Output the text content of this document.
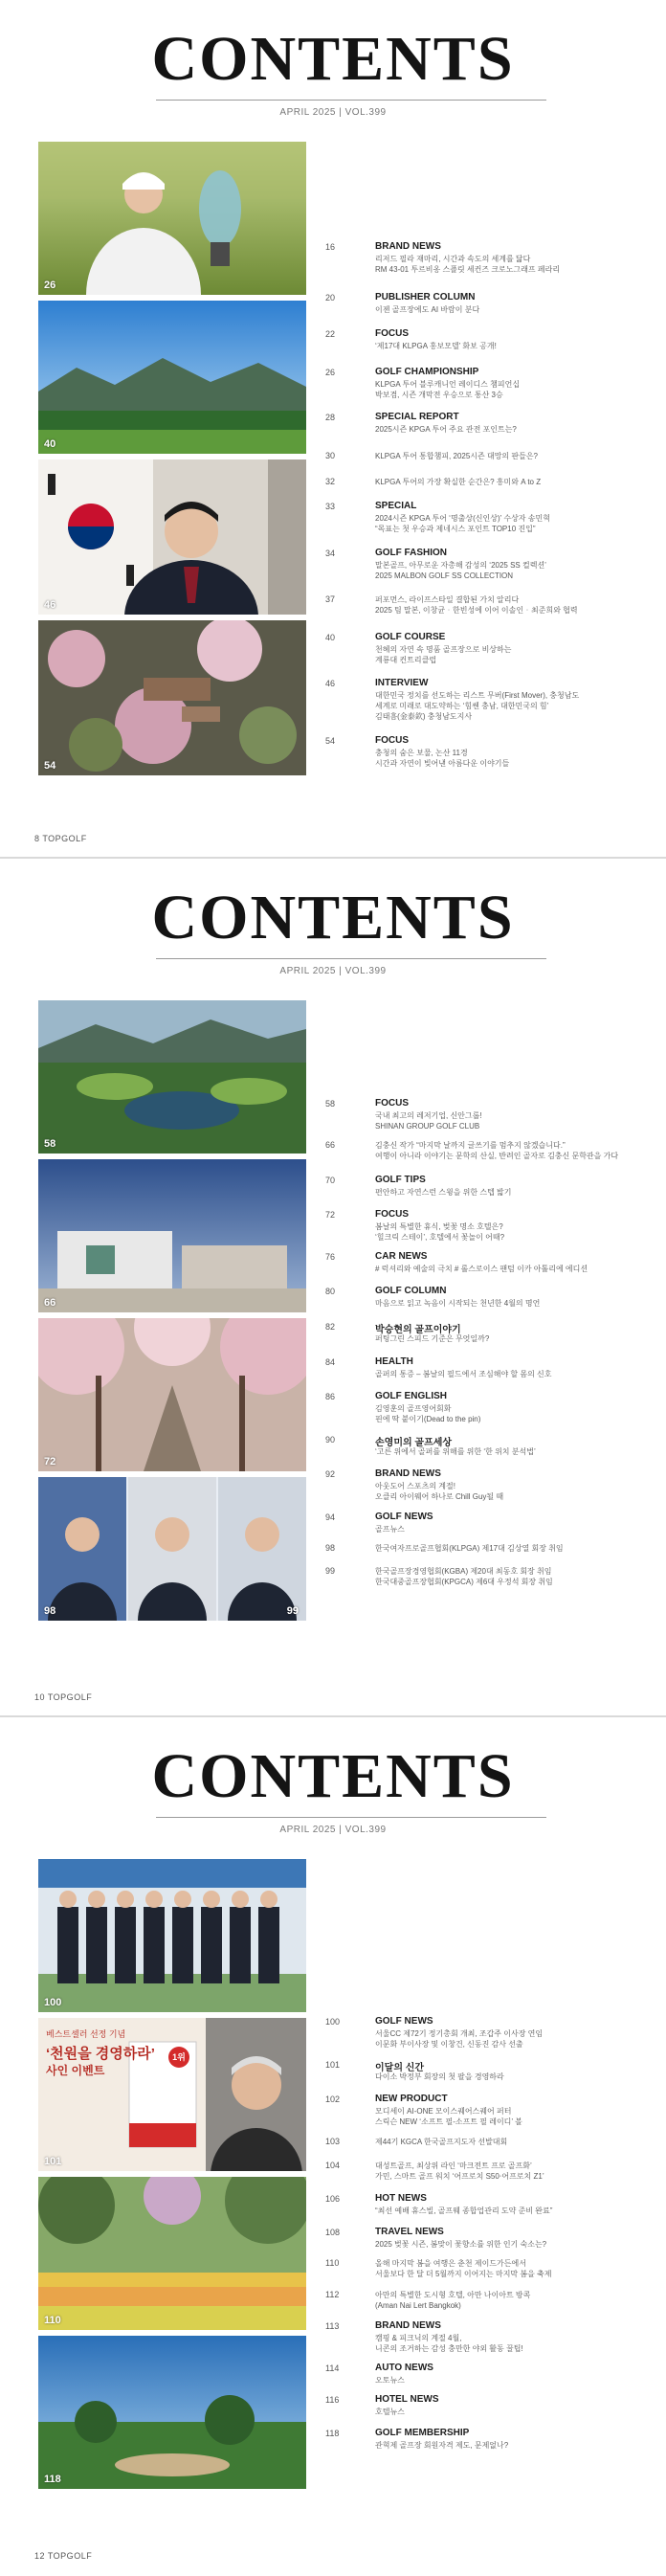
CONTENTS
APRIL 2025 | VOL.399
26
40
46
54
16	BRAND NEWS
리저드 필라 재마리, 시간과 속도의 세계를 닮다
RM 43-01 투르비옹 스플릿 세컨즈 크로노그래프 페라리
20	PUBLISHER COLUMN
이젠 골프장에도 AI 바람이 분다
22	FOCUS
‘제17대 KLPGA 홍보모델’ 화보 공개!
26	GOLF CHAMPIONSHIP
KLPGA 투어 블루캐니언 레이디스 챔피언십
박보겸, 시즌 개막전 우승으로 통산 3승
28	SPECIAL REPORT
2025시즌 KPGA 투어 주요 관전 포인트는?
30	KLPGA 투어 통합챔피, 2025시즌 대망의 판들은?
32	KLPGA 투어의 가장 확실한 순간은? 흥미와 A to Z
33	SPECIAL
2024시즌 KPGA 투어 ‘명출상(신인상)’ 수상자 송민혁
“목표는 첫 우승과 제네시스 포인트 TOP10 진입”
34	GOLF FASHION
말본골프, 아무로운 자총해 감성의 ‘2025 SS 컬렉션’
2025 MALBON GOLF SS COLLECTION
37	퍼포먼스, 라이프스타일 결합된 가치 알리다
2025 팀 말본, 이창균‧한빈성에 이어 이솔인‧최준희와 협력
40	GOLF COURSE
천혜의 자연 속 명품 골프장으로 비상하는
계룡대 컨트리클럽
46	INTERVIEW
대한민국 정치를 선도하는 리스트 무버(First Mover), 충청남도
세계로 미래로 대도약하는 ‘힘쎈 충남, 대한민국의 힘’
김태흠(金泰欽) 충청남도지사
54	FOCUS
충청의 숨은 보물, 논산 11경
시간과 자연이 빚어낸 아름다운 이야기들
8 TOPGOLF
CONTENTS
APRIL 2025 | VOL.399
58
66
72
98	99
58	FOCUS
국내 최고의 레저기업, 신안그룹!
SHINAN GROUP GOLF CLUB
66	김충신 작가 “마지막 날까지 글쓰기를 멈추지 않겠습니다.”
여행이 아니라 이야기는 문학의 산실, 반려인 골자로 김충신 문학관을 가다
70	GOLF TIPS
편안하고 자연스런 스윙을 위한 스텝 밟기
72	FOCUS
봄날의 특별한 휴식, 벚꽃 명소 호텔은?
‘힐크릭 스테이’, 호텔에서 꽃놀이 어때?
76	CAR NEWS
# 럭셔리와 예술의 극치 # 롤스로이스 팬텀 이카 아톨리에 에디션
80	GOLF COLUMN
마음으로 읽고 녹음이 시작되는 천년한 4월의 명언
82	박승현의 골프이야기
퍼팅그린 스피드 기준은 무엇일까?
84	HEALTH
골퍼의 통증 – 봄날의 필드에서 조심해야 할 몸의 신호
86	GOLF ENGLISH
김영훈의 골프영어회화
핀에 딱 붙이기(Dead to the pin)
90	손영미의 골프세상
‘고른 위에서 골퍼를 위해를 위한 ‘한 위치 분석법’
92	BRAND NEWS
아웃도어 스포츠의 계절!
오클리 아이웨어 하나로 Chill Guy될 때
94	GOLF NEWS
골프뉴스
98	한국여자프로골프협회(KLPGA) 제17대 김상열 회장 취임
99	한국골프장경영협회(KGBA) 제20대 최동호 회장 취임
한국대중골프장협회(KPGCA) 제6대 우정석 회장 취임
10 TOPGOLF
CONTENTS
APRIL 2025 | VOL.399
100
베스트셀러 선정 기념
‘천원을 경영하라’
사인 이벤트
1위
101
110
118
100	GOLF NEWS
서울CC 제72기 정기총회 개최, 조갑주 이사장 연임
이문화 부이사장 및 이창건, 신동진 감사 선출
101	이달의 신간
다이소 박정부 회장의 첫 팔을 경영하라
102	NEW PRODUCT
모디세이 AI-ONE 모이스퀘어스퀘어 퍼터
스릭슨 NEW ‘소프트 필-소프트 필 레이디’ 볼
103	제44기 KGCA 한국골프지도자 선발대회
104	대성트골프, 최상위 라인 ‘마크전트 프로 골프화’
가민, 스마트 골프 워치 ‘어프로치 S50‧어프로치 Z1’
106	HOT NEWS
“최선 예배 휴스빌, 골프웨 종합업관리 도약 준비 완료”
108	TRAVEL NEWS
2025 벚꽃 시즌, 봄맞이 꽃향소를 위한 인기 숙소는?
110	올해 마지막 봄을 여행은 춘천 제이드가든에서
서울보다 한 달 더 5월까지 이어지는 마지막 봄을 축제
112	아만의 특별한 도시형 호텔, 아만 나이아트 방콕
(Aman Nai Lert Bangkok)
113	BRAND NEWS
캠핑 & 피크닉의 계절 4월,
니콘의 조거하는 감성 충만한 야외 활동 꿀팁!
114	AUTO NEWS
오토뉴스
116	HOTEL NEWS
호텔뉴스
118	GOLF MEMBERSHIP
관혁제 골프장 회원자격 제도, 문제없나?
12 TOPGOLF
